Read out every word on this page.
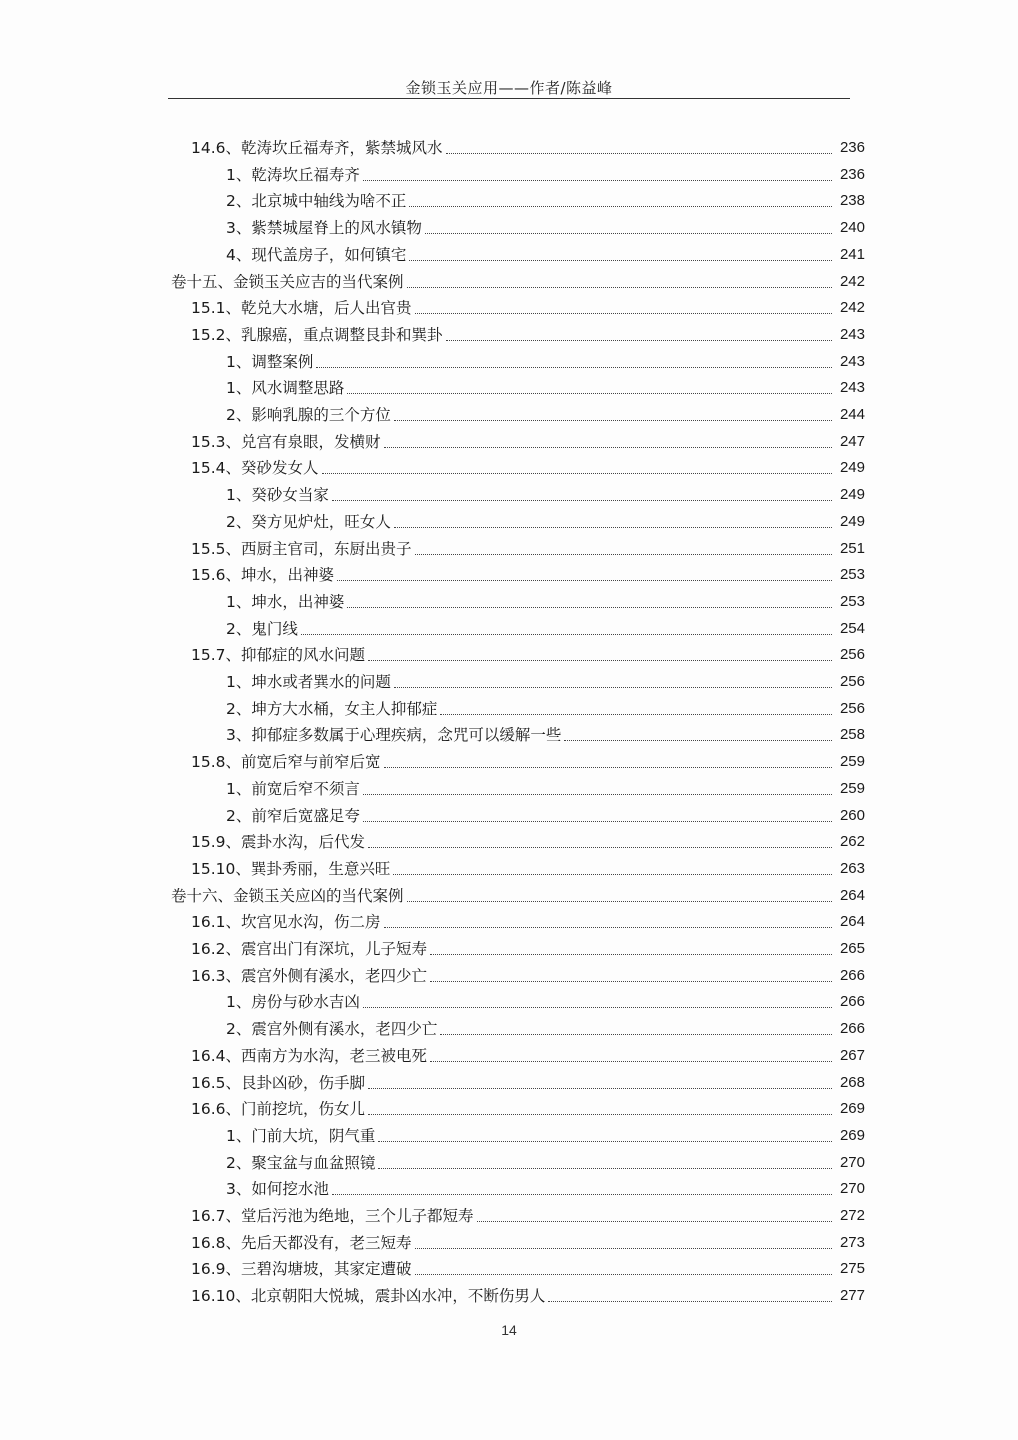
金锁玉关应用——作者/陈益峰
14.6、乾涛坎丘福寿齐，紫禁城风水	236
1、乾涛坎丘福寿齐	236
2、北京城中轴线为啥不正	238
3、紫禁城屋脊上的风水镇物	240
4、现代盖房子，如何镇宅	241
卷十五、金锁玉关应吉的当代案例	242
15.1、乾兑大水塘，后人出官贵	242
15.2、乳腺癌，重点调整艮卦和巽卦	243
1、调整案例	243
1、风水调整思路	243
2、影响乳腺的三个方位	244
15.3、兑宫有泉眼，发横财	247
15.4、癸砂发女人	249
1、癸砂女当家	249
2、癸方见炉灶，旺女人	249
15.5、西厨主官司，东厨出贵子	251
15.6、坤水，出神婆	253
1、坤水，出神婆	253
2、鬼门线	254
15.7、抑郁症的风水问题	256
1、坤水或者巽水的问题	256
2、坤方大水桶，女主人抑郁症	256
3、抑郁症多数属于心理疾病，念咒可以缓解一些	258
15.8、前宽后窄与前窄后宽	259
1、前宽后窄不须言	259
2、前窄后宽盛足夸	260
15.9、震卦水沟，后代发	262
15.10、巽卦秀丽，生意兴旺	263
卷十六、金锁玉关应凶的当代案例	264
16.1、坎宫见水沟，伤二房	264
16.2、震宫出门有深坑，儿子短寿	265
16.3、震宫外侧有溪水，老四少亡	266
1、房份与砂水吉凶	266
2、震宫外侧有溪水，老四少亡	266
16.4、西南方为水沟，老三被电死	267
16.5、艮卦凶砂，伤手脚	268
16.6、门前挖坑，伤女儿	269
1、门前大坑，阴气重	269
2、聚宝盆与血盆照镜	270
3、如何挖水池	270
16.7、堂后污池为绝地，三个儿子都短寿	272
16.8、先后天都没有，老三短寿	273
16.9、三碧沟塘坡，其家定遭破	275
16.10、北京朝阳大悦城，震卦凶水冲，不断伤男人	277
14
